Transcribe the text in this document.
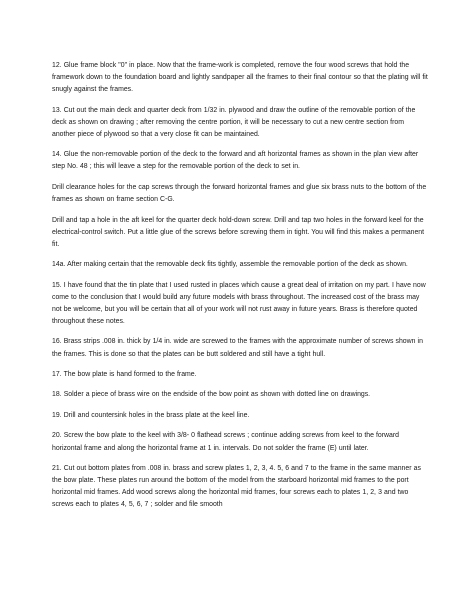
12. Glue frame block "0" in place. Now that the frame-work is completed, remove the four wood screws that hold the framework down to the foundation board and lightly sandpaper all the frames to their final contour so that the plating will fit snugly against the frames.

13. Cut out the main deck and quarter deck from 1/32 in. plywood and draw the outline of the removable portion of the deck as shown on drawing ; after removing the centre portion, it will be necessary to cut a new centre section from another piece of plywood so that a very close fit can be maintained.

14. Glue the non-removable portion of the deck to the forward and aft horizontal frames as shown in the plan view after step No. 48 ; this will leave a step for the removable portion of the deck to set in.

Drill clearance holes for the cap screws through the forward horizontal frames and glue six brass nuts to the bottom of the frames as shown on frame section C-G.

Drill and tap a hole in the aft keel for the quarter deck hold-down screw. Drill and tap two holes in the forward keel for the electrical-control switch. Put a little glue of the screws before screwing them in tight. You will find this makes a permanent fit.

14a. After making certain that the removable deck fits tightly, assemble the removable portion of the deck as shown.

15. I have found that the tin plate that I used rusted in places which cause a great deal of irritation on my part. I have now come to the conclusion that I would build any future models with brass throughout. The increased cost of the brass may not be welcome, but you will be certain that all of your work will not rust away in future years. Brass is therefore quoted throughout these notes.

16. Brass strips .008 in. thick by 1/4 in. wide are screwed to the frames with the approximate number of screws shown in the frames. This is done so that the plates can be butt soldered and still have a tight hull.

17. The bow plate is hand formed to the frame.

18. Solder a piece of brass wire on the endside of the bow point as shown with dotted line on drawings.

19. Drill and countersink holes in the brass plate at the keel line.

20. Screw the bow plate to the keel with 3/8- 0 flathead screws ; continue adding screws from keel to the forward horizontal frame and along the horizontal frame at 1 in. intervals. Do not solder the frame (E) until later.

21. Cut out bottom plates from .008 in. brass and screw plates 1, 2, 3, 4. 5, 6 and 7 to the frame in the same manner as the bow plate. These plates run around the bottom of the model from the starboard horizontal mid frames to the port horizontal mid frames. Add wood screws along the horizontal mid frames, four screws each to plates 1, 2, 3 and two screws each to plates 4, 5, 6, 7 ; solder and file smooth
